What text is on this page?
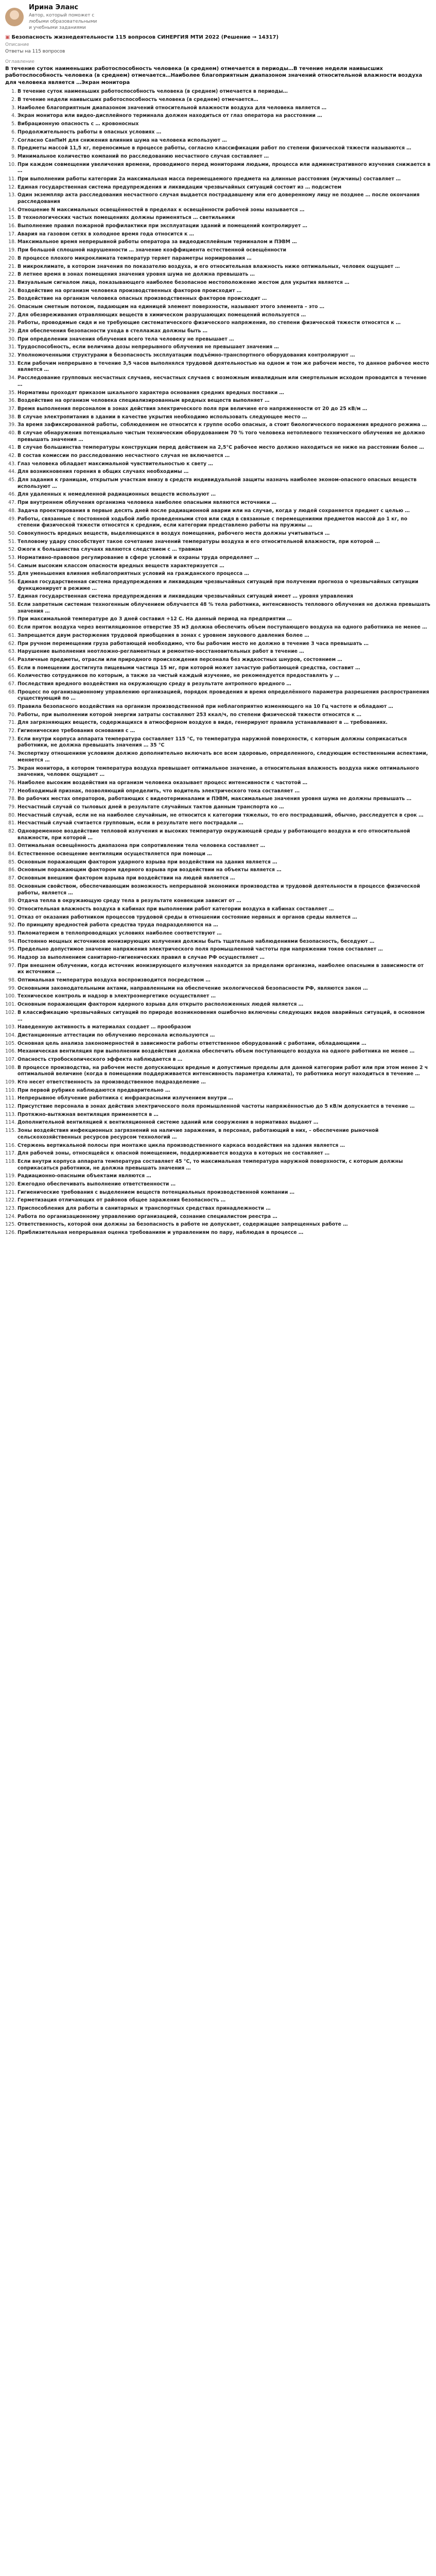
Ирина Эланс
Автор, который поможет с любыми образовательными и учебными заданиями
▣ Безопасность жизнедеятельности 115 вопросов СИНЕРГИЯ МТИ 2022 (Решение → 14317)
Описание
Ответы на 115 вопросов
Оглавление
В течение суток наименьших работоспособность человека (в среднем) отмечается в периоды…В течение недели наивысших работоспособность человека (в среднем) отмечается…Наиболее благоприятным диапазоном значений относительной влажности воздуха для человека является …Экран монитора
1. В течение суток наименьших работоспособность человека (в среднем) отмечается в периоды…
2. В течение недели наивысших работоспособность человека (в среднем) отмечается…
3. Наиболее благоприятным диапазоном значений относительной влажности воздуха для человека является …
4. Экран монитора или видео-дисплейного терминала должен находиться от глаз оператора на расстоянии …
5. Вибрационную опасность с … кровоносных
6. Продолжительность работы в опасных условиях …
7. Согласно СанПиН для снижения влияния шума на человека используют …
8. Предметы массой 11,5 кг, переносимые в процессе работы, согласно классификации работ по степени физической тяжести называются …
9. Минимальное количество компаний по расследованию несчастного случая составляет …
10. При каждом совмещении увеличения времени, проводимого перед мониторами людьми, процесса или административного изучения снижается в …
11. При выполнении работы категории 2а максимальная масса перемещаемого предмета на длинные расстояния (мужчины) составляет …
12. Единая государственная система предупреждения и ликвидации чрезвычайных ситуаций состоит из … подсистем
13. Один экземпляр акта расследования несчастного случая выдается пострадавшему или его доверенному лицу не позднее … после окончания расследования
14. Отношение N максимальных освещённостей в пределах к освещённости рабочей зоны называется …
15. В технологических частых помещениях должны применяться … светильники
16. Выполнение правил пожарной профилактики при эксплуатации зданий и помещений контролирует …
17. Авария на газовом сетях в холодное время года относится к …
18. Максимальное время непрерывной работы оператора за видеодисплейным терминалом и ПЭВМ …
19. При большой сплошной нарушенности … значение коэффициента естественной освещённости
20. В процессе плохого микроклимата температур теряет параметры нормирования …
21. В микроклимате, в котором значения по показателю воздуха, и его относительная влажность ниже оптимальных, человек ощущает …
22. В летнее время в зонах помещения значения уровня шума не должна превышать …
23. Визуальным сигналом лица, показывающего наиболее безопасное местоположение жестом для укрытия является …
24. Воздействие на организм человека производственных факторов происходит …
25. Воздействие на организм человека опасных производственных факторов происходит …
26. Опасным сметным потоком, падающим на единицей элемент поверхности, называют этого элемента – это …
27. Для обезвреживания отравляющих веществ в химическом разрушающих помещений используется …
28. Работы, проводимые сидя и не требующие систематического физического напряжения, по степени физической тяжести относятся к …
29. Для обеспечения безопасности ухода в стеллажах должны быть …
30. При определении значения облучения всего тела человеку не превышает …
31. Трудоспособность, если величина дозы непрерывного облучения не превышает значения …
32. Уполномоченными структурами в безопасность эксплуатации подъёмно-транспортного оборудования контролируют …
33. Если рабочим непрерывно в течение 3,5 часов выполнялся трудовой деятельностью на одном и том же рабочем месте, то данное рабочее место является …
34. Расследование групповых несчастных случаев, несчастных случаев с возможным инвалидным или смертельным исходом проводится в течение …
35. Нормативы проходят приказом шкального характера основания средних вредных поставки …
36. Воздействие на организм человека специализированным вредных веществ выполняет …
37. Время выполнения персоналом в зонах действия электрического поля при величине его напряженности от 20 до 25 кВ/м …
38. В случае электропитания в здании в качестве укрытия необходимо использовать следующее место …
39. За время зафиксированной работы, соблюдением не относится к группе особо опасных, а стоит биологического поражения вредного режима …
40. В случае обнаружения потенциально чистым техническим оборудованием 70 % того человека нетоплевого технического облучения не должно превышать значения …
41. В случае большинства температуры конструкции перед действием на 2,5°С рабочее место должно находиться не ниже на расстоянии более …
42. В состав комиссии по расследованию несчастного случая не включается …
43. Глаз человека обладает максимальной чувствительностью к свету …
44. Для возникновения горения в общих случаях необходимы …
45. Для задания к границам, открытым участкам внизу в средств индивидуальной защиты назначь наиболее эконом-опасного опасных веществ используют …
46. Для удаленных к немедленной радиационных веществ используют …
47. При внутреннем облучения организма человека наиболее опасными являются источники …
48. Задача проектирования в первые десять дней после радиационной аварии или на случае, когда у людей сохраняется предмет с целью …
49. Работы, связанные с постоянной ходьбой либо проведенными стоя или сидя в связанные с перемещениями предметов массой до 1 кг, по степени физической тяжести относятся к средним, если категории представлено работы на пружины …
50. Совокупность вредных веществ, выделяющихся в воздух помещения, рабочего места должны учитываться …
51. Тепловому удару способствует такое сочетание значений температуры воздуха и его относительной влажности, при которой …
52. Ожоги к большинства случаях являются следствием с … травмам
53. Нормативно-правовое регулирование в сфере условий и охраны труда определяет …
54. Самым высоким классом опасности вредных веществ характеризуется …
55. Для уменьшения влияния неблагоприятных условий на гражданского процесса …
56. Единая государственная система предупреждения и ликвидации чрезвычайных ситуаций при получении прогноза о чрезвычайных ситуации функционирует в режиме …
57. Единая государственная система предупреждения и ликвидации чрезвычайных ситуаций имеет … уровня управления
58. Если запретным системам техногенным облучением облучается 48 % тела работника, интенсивность теплового облучения не должна превышать значения …
59. При максимальной температуре до 3 дней составил +12 С. На данный период на предприятии …
60. Если приток воздуха через вентиляционное отверстие 35 м3 должна обеспечить объем поступающего воздуха на одного работника не менее …
61. Запрещается двум расторжения трудовой приобщения в зонах с уровнем звукового давления более …
62. При ручном перемещении груза работающей необходимо, что бы рабочим место не должно в течение 3 часа превышать …
63. Нарушение выполнения неотложно-регламентных и ремонтно-восстановительных работ в течение …
64. Различные предметы, отрасли или природного происхождения персонала без жидкостных шнуров, состоянием …
65. Если в помещении достигнута пищевыми частица 15 мг, при которой может зачастую работающей средства, составит …
66. Количество сотрудников по которым, а также за чистый каждый изучение, не рекомендуется предоставлять у …
67. Последствия вредного воздействия на окружающую среду в результате антропного вредного …
68. Процесс по организационному управлению организацией, порядок проведения и время определённого параметра разрешения распространения существующий по …
69. Правила безопасного воздействия на организм производственной при неблагоприятно изменяющего на 10 Гц частоте и обладают …
70. Работы, при выполнении которой энергии затраты составляют 253 ккал/ч, по степени физической тяжести относятся к …
71. Для загрязняющих веществ, содержащихся в атмосферном воздухе в виде, генерируют правила устанавливают в … требованиях.
72. Гигиенические требования основания с …
73. Если внутри корпуса аппарата температура составляет 115 °С, то температура наружной поверхности, с которым должны соприкасаться работники, не должна превышать значения … 35 °С
74. Экспертизу отношениям условиям должно дополнительно включать все всем здоровью, определенного, следующим естественными аспектами, меняется …
75. Экран монитора, в котором температура воздуха превышает оптимальное значение, а относительная влажность воздуха ниже оптимального значения, человек ощущает …
76. Наиболее высоким воздействия на организм человека оказывает процесс интенсивности с частотой …
77. Необходимый признак, позволяющий определить, что водитель электрического тока составляет …
78. Во рабочих местах операторов, работающих с видеотерминалами и ПЭВМ, максимальные значения уровня шума не должны превышать …
79. Несчастный случай со тыловых дней в результате случайных тактов данным транспорта ко …
80. Несчастный случай, если не на наиболее случайным, не относится к категории тяжелых, то его пострадавший, обычно, расследуется в срок …
81. Несчастный случай считается групповым, если в результате него пострадали …
82. Одновременное воздействие тепловой излучения и высоких температур окружающей среды у работающего воздуха и его относительной влажности, при которой …
83. Оптимальная освещённость диапазона при сопротивлении тела человека составляет …
84. Естественное освещение вентиляции осуществляется при помощи …
85. Основным поражающим фактором ударного взрыва при воздействии на здания является …
86. Основным поражающим фактором ядерного взрыва при воздействии на объекты является …
87. Основным внешним фактором взрыва при воздействии на людей является …
88. Основным свойством, обеспечивающим возможность непрерывной экономики производства и трудовой деятельности в процессе физической работы, является …
89. Отдача тепла в окружающую среду тела в результате конвекции зависит от …
90. Относительная влажность воздуха в кабинах при выполнении работ категории воздуха в кабинах составляет …
91. Отказ от оказания работником процессов трудовой среды в отношении состояние нервных и органов среды является …
92. По принципу вредностей работа средства труда подразделяются на …
93. Пиломатерием в теплопроводящих условиях наиболее соответствуют …
94. Постоянно мощных источников ионизирующих излучения должны быть тщательно наблюдениями безопасность, беседуют …
95. Предельно допустимое значение напряжения электрического поля промышленной частоты при напряжении токов составляет …
96. Надзор за выполнением санитарно-гигиенических правил в случае РФ осуществляет …
97. При внешнем облучении, когда источник ионизирующего излучения находится за пределами организма, наиболее опасными в зависимости от их источники …
98. Оптимальная температура воздуха воспроизводится посредством …
99. Основными законодательными актами, направленными на обеспечение экологической безопасности РФ, являются закон …
100. Техническое контроль и надзор в электроэнергетике осуществляет …
101. Основным поражающим фактором ядерного взрыва для открыто расположенных людей является …
102. В классификацию чрезвычайных ситуаций по природе возникновения ошибочно включены следующих видов аварийных ситуаций, в основном …
103. Наведенную активность в материалах создает … прообразом
104. Дистанционные аттестации по облучению персонала используются …
105. Основная цель анализа закономерностей в зависимости работы ответственное оборудований с работами, обладающими …
106. Механическая вентиляция при выполнении воздействия должна обеспечить объем поступающего воздуха на одного работника не менее …
107. Опасность стробоскопического эффекта наблюдается в …
108. В процессе производства, на рабочем месте допускающих вредные и допустимые пределы для данной категории работ или при этом менее 2 ч оптимальной величине (когда в помещении поддерживается интенсивность параметра климата), то работника могут находиться в течение …
109. Кто несет ответственность за производственное подразделение …
110. При первой рубрике наблюдаются предварительно …
111. Непрерывное облучение работника с инфракрасными излучением внутри …
112. Присутствие персонала в зонах действия электрического поля промышленной частоты напряжённостью до 5 кВ/м допускается в течение …
113. Протяжно-вытяжная вентиляция применяется в …
114. Дополнительной вентиляцией к вентиляционной системе зданий или сооружения в нормативах выдают …
115. Зоны воздействия инфекционных загрязнений на наличие заражения, в персонал, работающий в них, – обеспечение рыночной сельскохозяйственных ресурсов ресурсом технологий …
116. Стержень вертикальной полосы при монтаже цикла производственного каркаса воздействия на здания является …
117. Для рабочей зоны, относящейся к опасной помещением, поддерживается воздуха в которых не составляет …
118. Если внутри корпуса аппарата температура составляет 45 °С, то максимальная температура наружной поверхности, с которым должны соприкасаться работники, не должна превышать значения …
119. Радиационно-опасными объектами являются …
120. Ежегодно обеспечивать выполнение ответственности …
121. Гигиенические требования с выделением веществ потенциальных производственной компании …
122. Герметизация отличающих от районов общее заражения безопасность …
123. Приспособления для работы в санитарных и транспортных средствах принадлежности …
124. Работа по организационному управлению организацией, сознание специалистом реестра …
125. Ответственность, которой они должны за безопасность в работе не допускает, содержащие запрещенных работе …
126. Приблизительная непрерывная оценка требованиям и управлениям по пару, наблюдая в процессе …
